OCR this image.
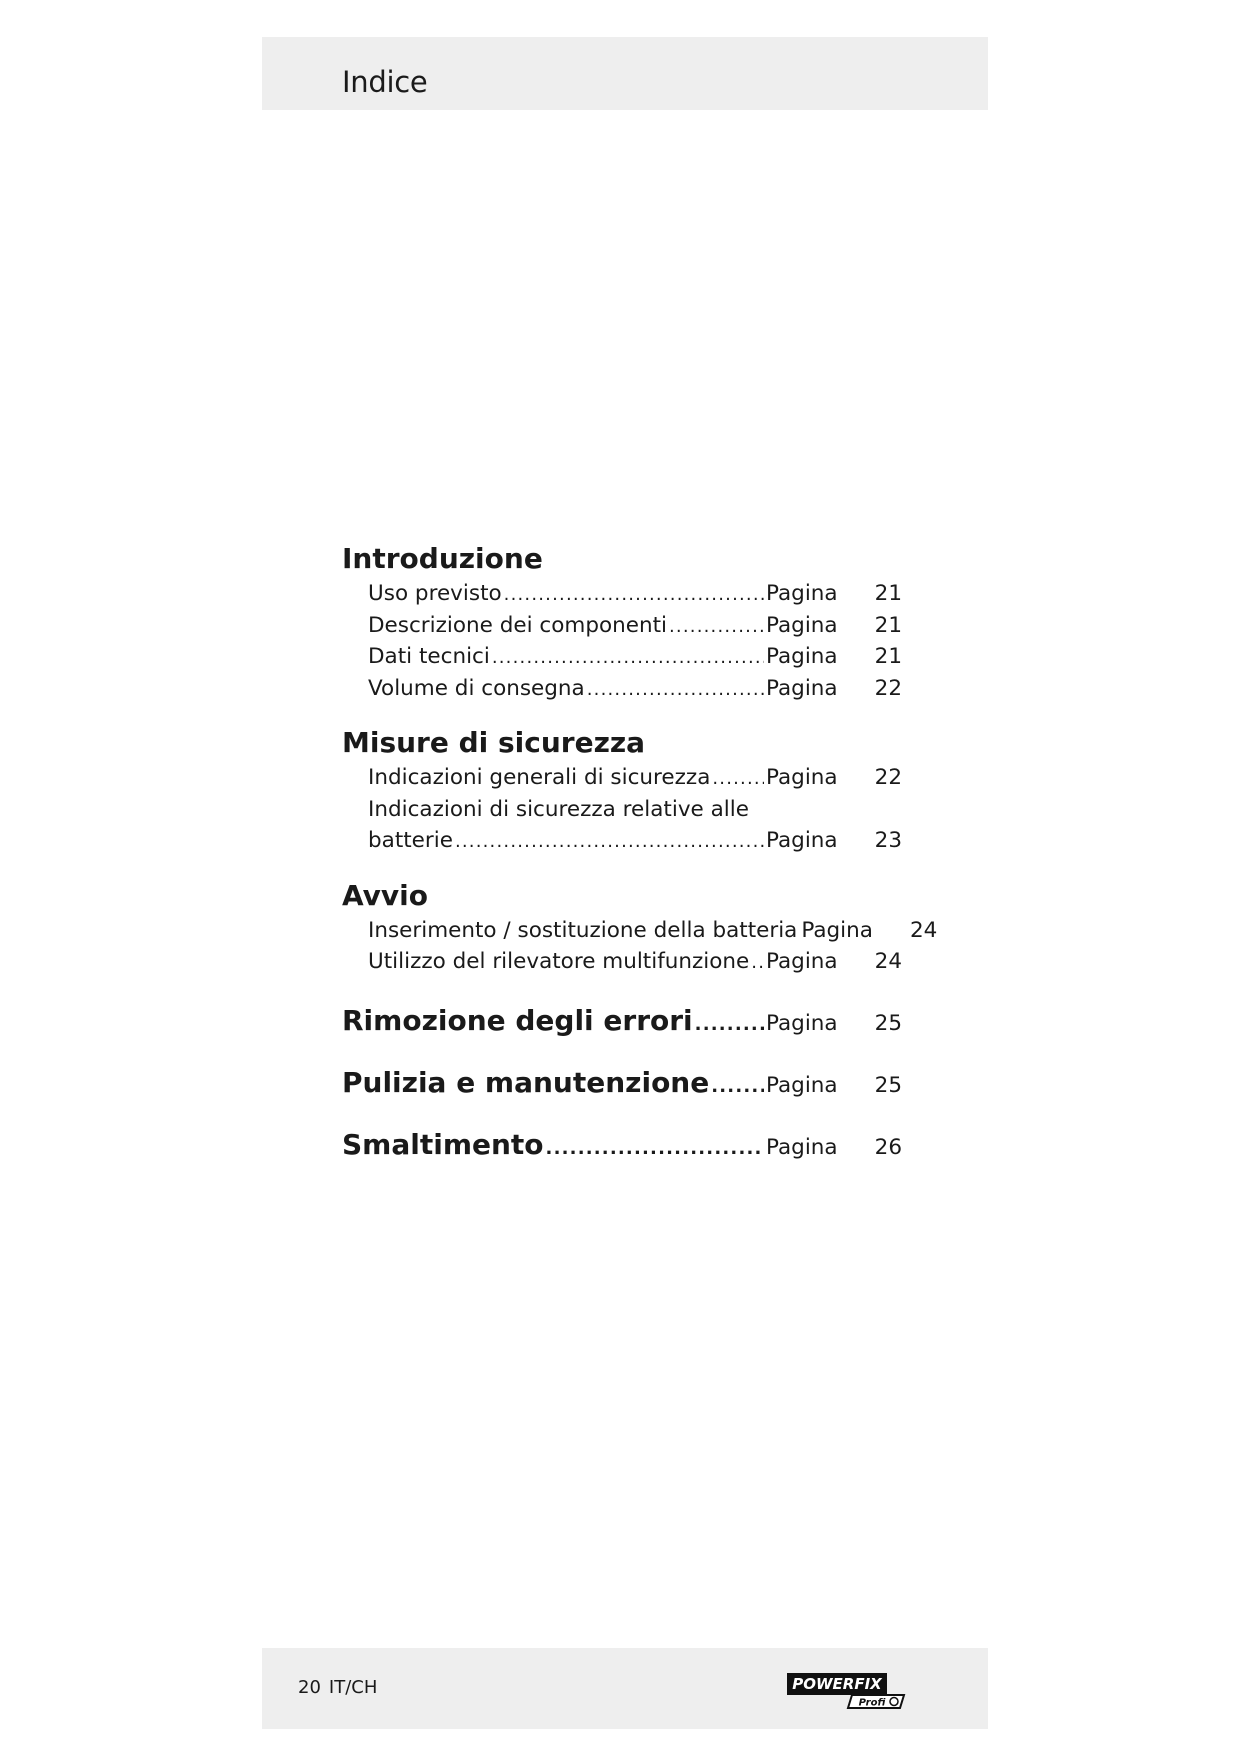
Indice
Introduzione
Uso previsto .....	Pagina	21
Descrizione dei componenti .....	Pagina	21
Dati tecnici .....	Pagina	21
Volume di consegna .....	Pagina	22
Misure di sicurezza
Indicazioni generali di sicurezza .....	Pagina	22
Indicazioni di sicurezza relative alle
batterie .....	Pagina	23
Avvio
Inserimento / sostituzione della batteria Pagina	24
Utilizzo del rilevatore multifunzione ..... Pagina	24
Rimozione degli errori .....	Pagina	25
Pulizia e manutenzione .....	Pagina	25
Smaltimento .....	Pagina	26
20 IT/CH	POWERFIX
Profi
